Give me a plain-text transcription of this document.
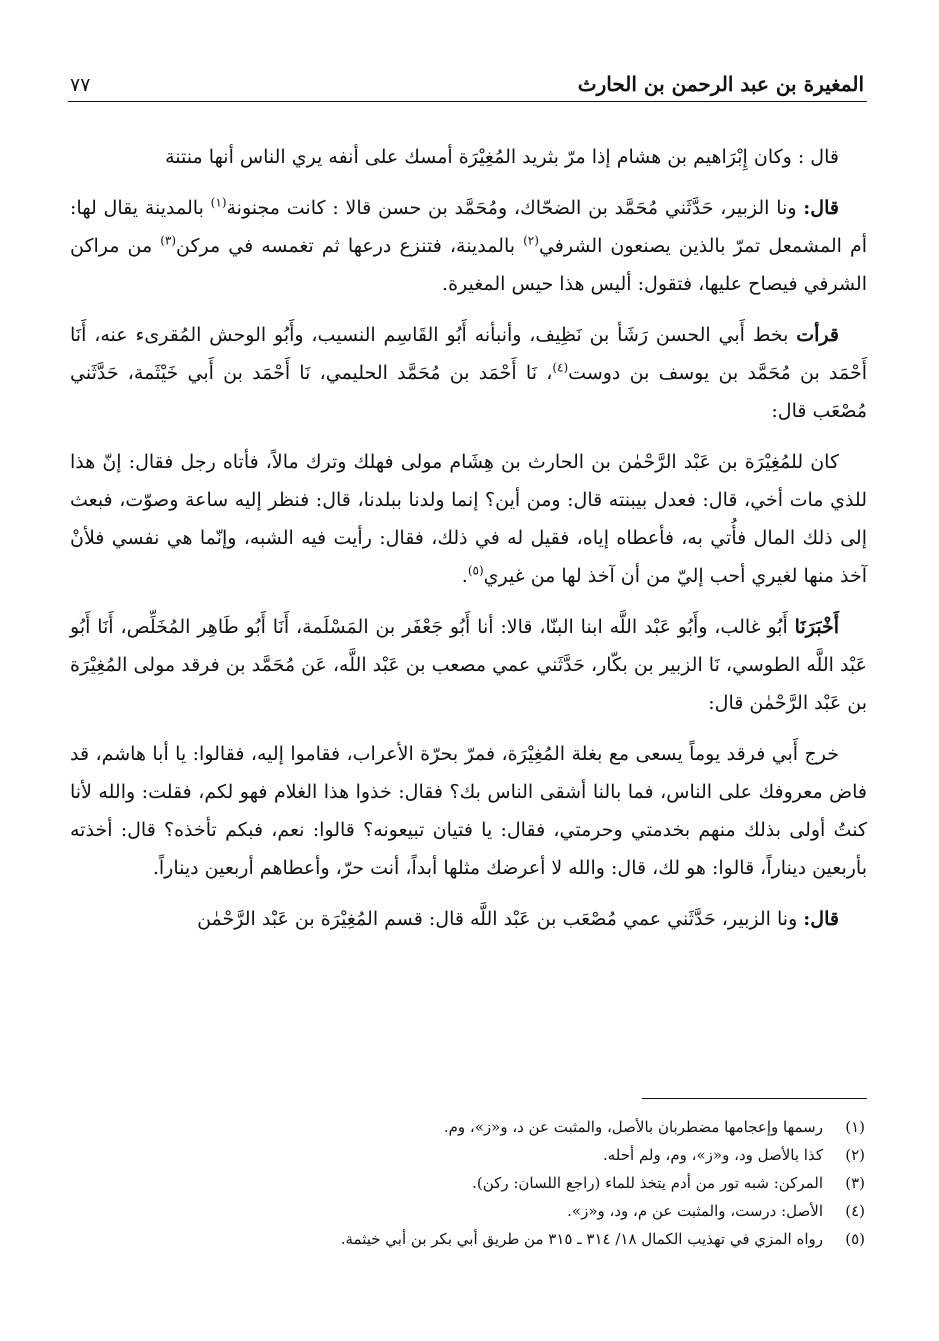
المغيرة بن عبد الرحمن بن الحارث
٧٧

قال : وكان إِبْرَاهيم بن هشام إذا مرّ بثريد المُغِيْرَة أمسك على أنفه يري الناس أنها منتنة

قال: ونا الزبير، حَدَّثَني مُحَمَّد بن الضحّاك، ومُحَمَّد بن حسن قالا : كانت مجنونة$^{(١)}$ بالمدينة يقال لها: أم المشمعل تمرّ بالذين يصنعون الشرفي$^{(٢)}$ بالمدينة، فتنزع درعها ثم تغمسه في مركن$^{(٣)}$ من مراكن الشرفي فيصاح عليها، فتقول: أليس هذا حيس المغيرة.

قرأت بخط أَبي الحسن رَشَأ بن نَظِيف، وأنبأنه أَبُو القَاسِم النسيب، وأَبُو الوحش المُقرىء عنه، أَنَا أَحْمَد بن مُحَمَّد بن يوسف بن دوست$^{(٤)}$، نَا أَحْمَد بن مُحَمَّد الحليمي، نَا أَحْمَد بن أَبي خَيْثَمة، حَدَّثَني مُصْعَب قال:

كان للمُغِيْرَة بن عَبْد الرَّحْمٰن بن الحارث بن هِشَام مولى فهلك وترك مالاً، فأتاه رجل فقال: إنّ هذا للذي مات أخي، قال: فعدل بيبنته قال: ومن أين؟ إنما ولدنا ببلدنا، قال: فنظر إليه ساعة وصوّت، فبعث إلى ذلك المال فأُتي به، فأعطاه إياه، فقيل له في ذلك، فقال: رأيت فيه الشبه، وإنّما هي نفسي فلأنْ آخذ منها لغيري أحب إليّ من أن آخذ لها من غيري$^{(٥)}$.

أَخْبَرَنَا أَبُو غالب، وأَبُو عَبْد اللَّه ابنا البنّا، قالا: أنا أَبُو جَعْفَر بن المَسْلَمة، أَنَا أَبُو طَاهِر المُخَلِّص، أَنَا أَبُو عَبْد اللَّه الطوسي، نَا الزبير بن بكّار، حَدَّثَني عمي مصعب بن عَبْد اللَّه، عَن مُحَمَّد بن فرقد مولى المُغِيْرَة بن عَبْد الرَّحْمٰن قال:

خرج أَبي فرقد يوماً يسعى مع بغلة المُغِيْرَة، فمرّ بحرّة الأعراب، فقاموا إليه، فقالوا: يا أبا هاشم، قد فاض معروفك على الناس، فما بالنا أشقى الناس بك؟ فقال: خذوا هذا الغلام فهو لكم، فقلت: والله لأنا كنتُ أولى بذلك منهم بخدمتي وحرمتي، فقال: يا فتيان تبيعونه؟ قالوا: نعم، فبكم تأخذه؟ قال: أخذته بأربعين ديناراً، قالوا: هو لك، قال: والله لا أعرضك مثلها أبداً، أنت حرّ، وأعطاهم أربعين ديناراً.

قال: ونا الزبير، حَدَّثَني عمي مُصْعَب بن عَبْد اللَّه قال: قسم المُغِيْرَة بن عَبْد الرَّحْمٰن

(١)
رسمها وإعجامها مضطربان بالأصل، والمثبت عن د، و«ز»، وم.
(٢)
كذا بالأصل ود، و«ز»، وم، ولم أحله.
(٣)
المركن: شبه تور من أدم يتخذ للماء (راجع اللسان: ركن).
(٤)
الأصل: درست، والمثبت عن م، ود، و«ز».
(٥)
رواه المزي في تهذيب الكمال ١٨/ ٣١٤ ـ ٣١٥ من طريق أبي بكر بن أبي خيثمة.
